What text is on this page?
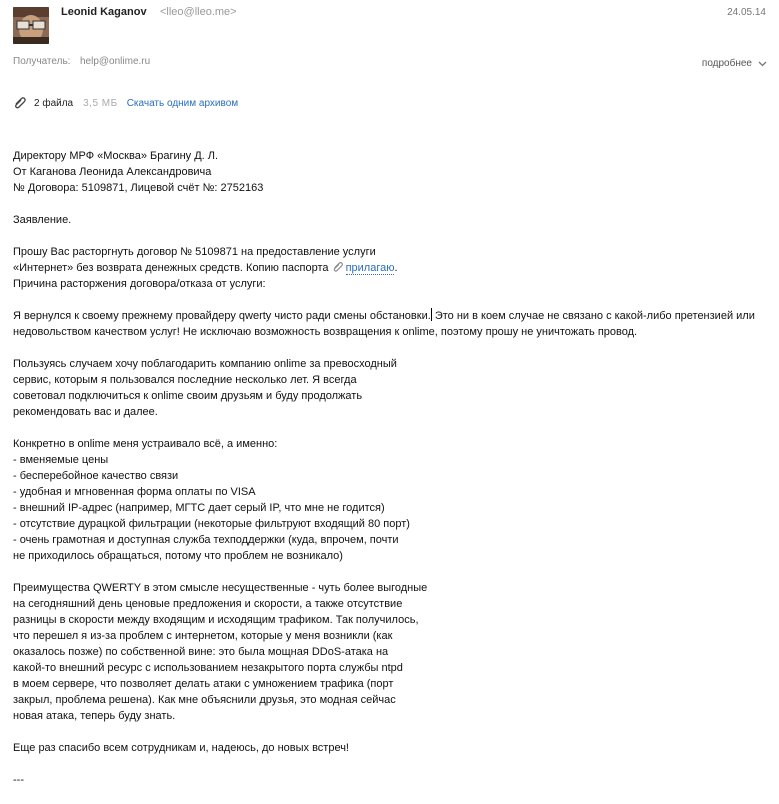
Leonid Kaganov <lleo@lleo.me>	24.05.14
Получатель: help@onlime.ru	подробнее
2 файла 3,5 МБ Скачать одним архивом
Директору МРФ «Москва» Брагину Д. Л.
От Каганова Леонида Александровича
№ Договора: 5109871, Лицевой счёт №: 2752163
Заявление.
Прошу Вас расторгнуть договор № 5109871 на предоставление услуги
«Интернет» без возврата денежных средств. Копию паспорта прилагаю.
Причина расторжения договора/отказа от услуги:
Я вернулся к своему прежнему провайдеру qwerty чисто ради смены обстановки. Это ни в коем случае не связано с какой-либо претензией или недовольством качеством услуг! Не исключаю возможность возвращения к onlime, поэтому прошу не уничтожать провод.
Пользуясь случаем хочу поблагодарить компанию onlime за превосходный
сервис, которым я пользовался последние несколько лет. Я всегда
советовал подключиться к onlime своим друзьям и буду продолжать
рекомендовать вас и далее.
Конкретно в onlime меня устраивало всё, а именно:
- вменяемые цены
- бесперебойное качество связи
- удобная и мгновенная форма оплаты по VISA
- внешний IP-адрес (например, МГТС дает серый IP, что мне не годится)
- отсутствие дурацкой фильтрации (некоторые фильтруют входящий 80 порт)
- очень грамотная и доступная служба техподдержки (куда, впрочем, почти
не приходилось обращаться, потому что проблем не возникало)
Преимущества QWERTY в этом смысле несущественные - чуть более выгодные
на сегодняшний день ценовые предложения и скорости, а также отсутствие
разницы в скорости между входящим и исходящим трафиком. Так получилось,
что перешел я из-за проблем с интернетом, которые у меня возникли (как
оказалось позже) по собственной вине: это была мощная DDoS-атака на
какой-то внешний ресурс с использованием незакрытого порта службы ntpd
в моем сервере, что позволяет делать атаки с умножением трафика (порт
закрыл, проблема решена). Как мне объяснили друзья, это модная сейчас
новая атака, теперь буду знать.
Еще раз спасибо всем сотрудникам и, надеюсь, до новых встреч!
---
